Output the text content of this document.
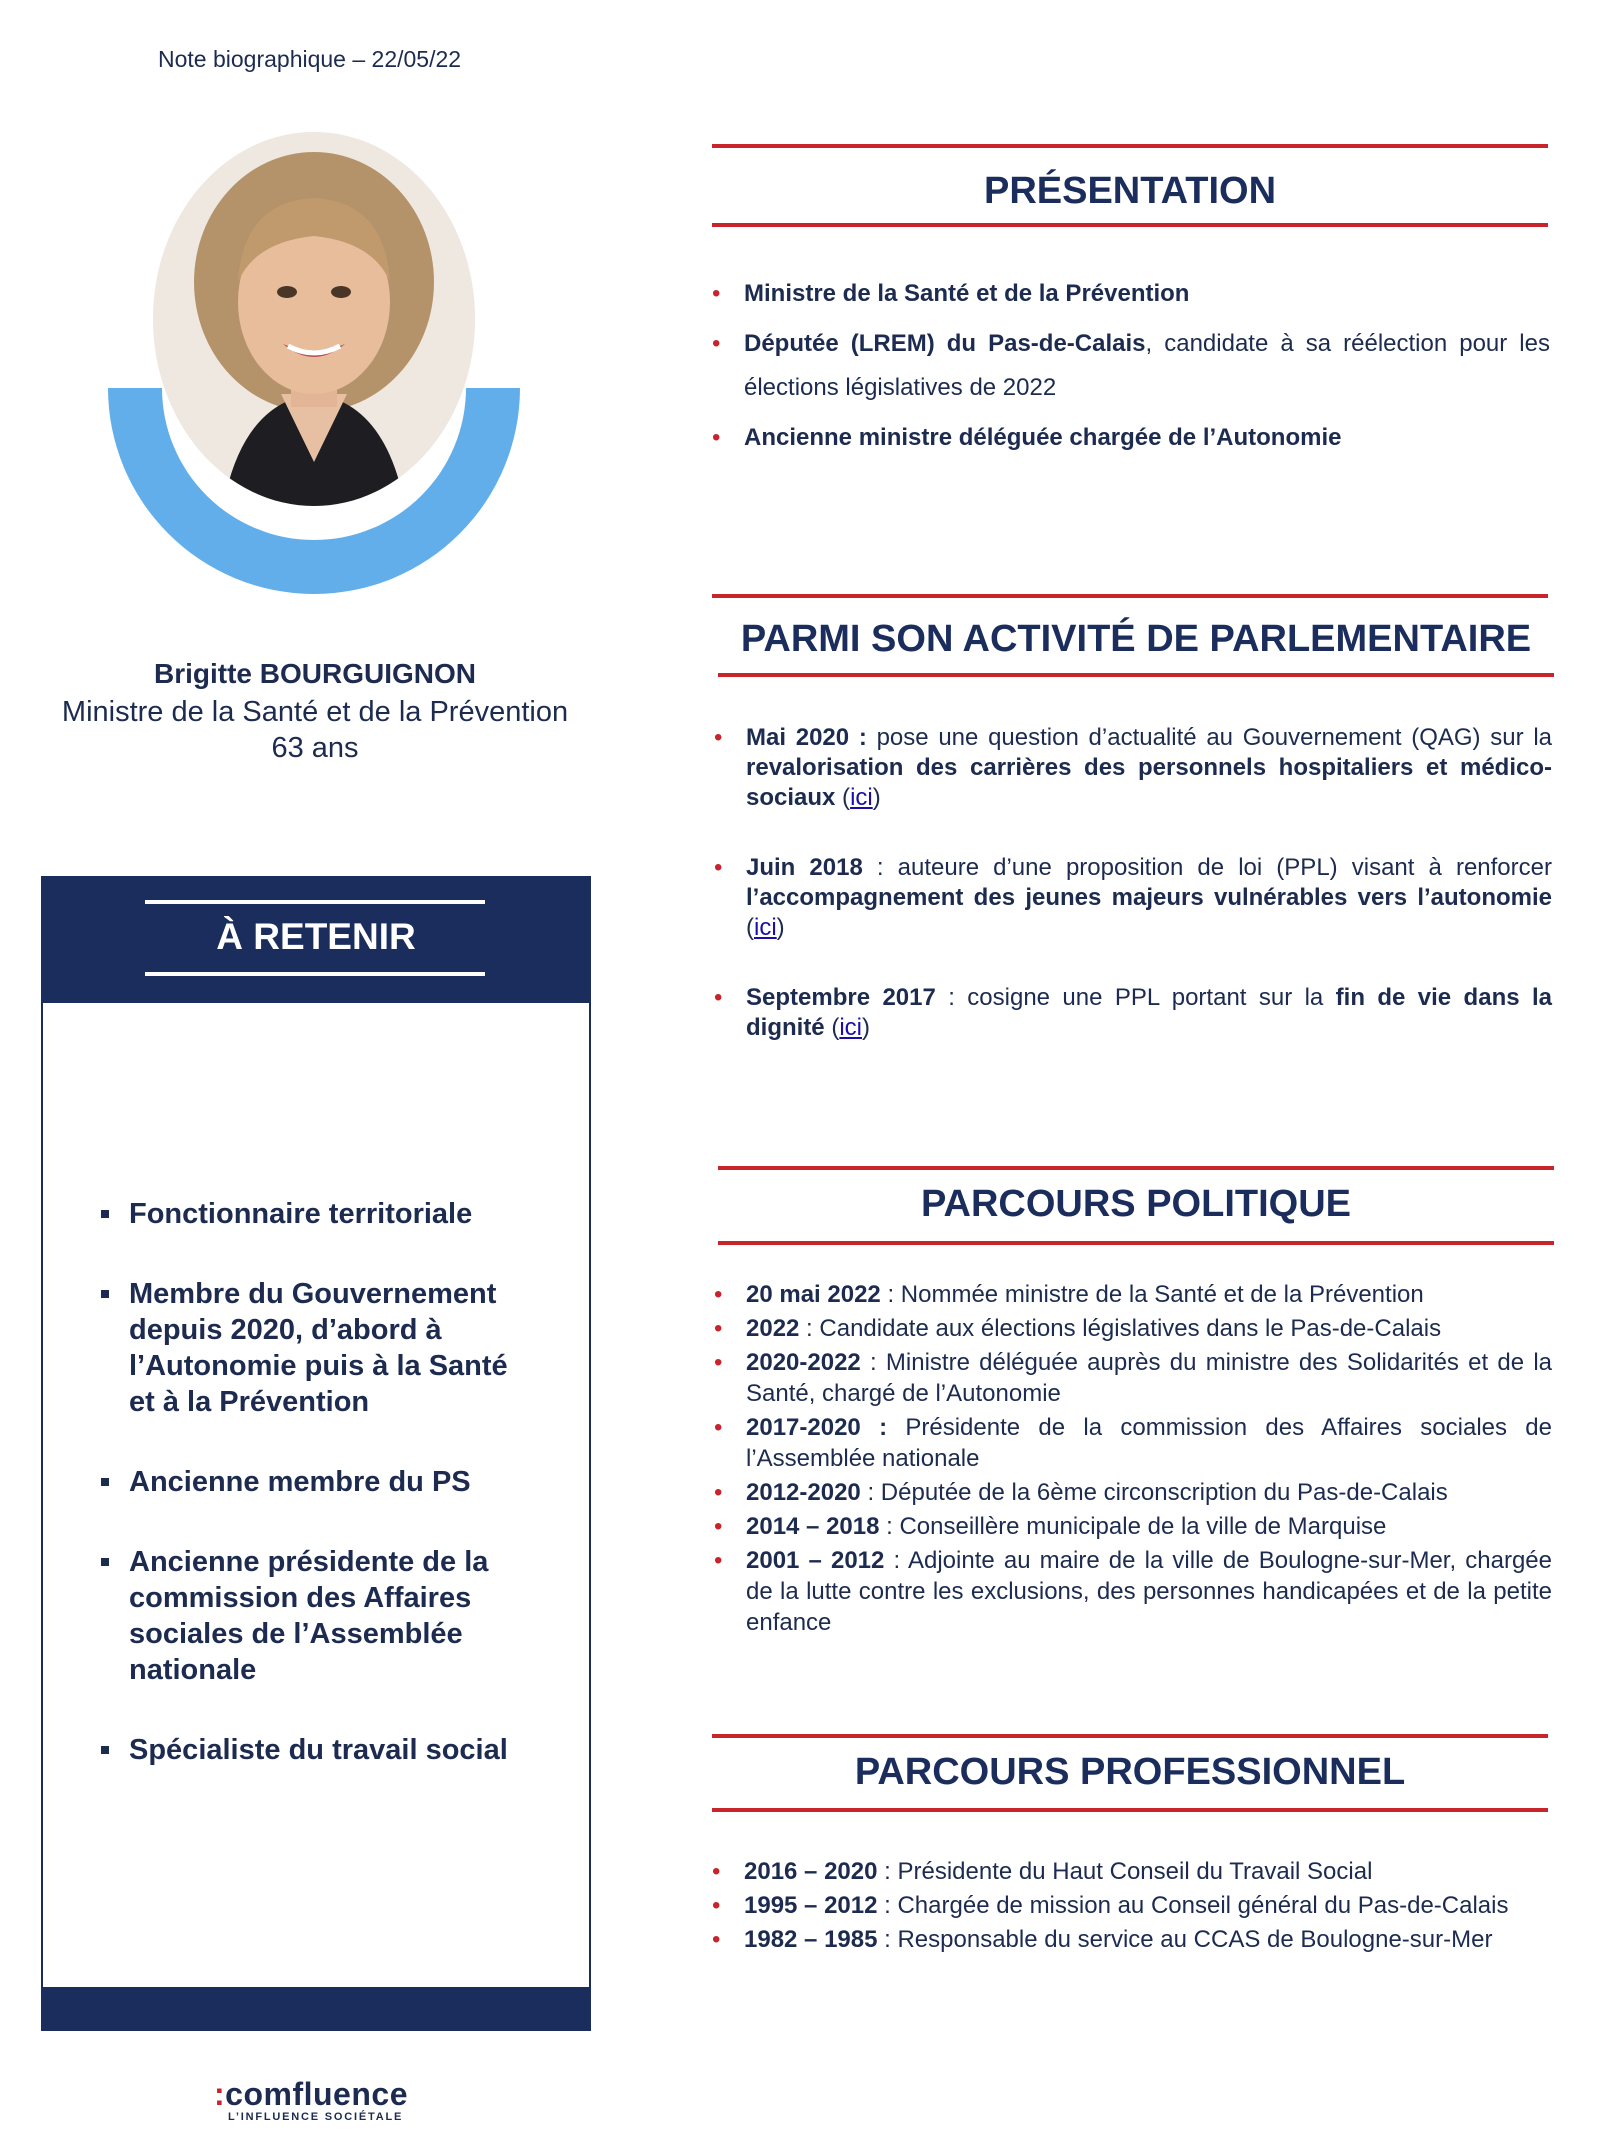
Note biographique – 22/05/22
Brigitte BOURGUIGNON
Ministre de la Santé et de la Prévention
63 ans
À RETENIR
Fonctionnaire territoriale
Membre du Gouvernement depuis 2020, d’abord à l’Autonomie puis à la Santé et à la Prévention
Ancienne membre du PS
Ancienne présidente de la commission des Affaires sociales de l’Assemblée nationale
Spécialiste du travail social
PRÉSENTATION
• Ministre de la Santé et de la Prévention
• Députée (LREM) du Pas-de-Calais, candidate à sa réélection pour les élections législatives de 2022
• Ancienne ministre déléguée chargée de l’Autonomie
PARMI SON ACTIVITÉ DE PARLEMENTAIRE
• Mai 2020 : pose une question d’actualité au Gouvernement (QAG) sur la revalorisation des carrières des personnels hospitaliers et médico-sociaux (ici)
• Juin 2018 : auteure d’une proposition de loi (PPL) visant à renforcer l’accompagnement des jeunes majeurs vulnérables vers l’autonomie (ici)
• Septembre 2017 : cosigne une PPL portant sur la fin de vie dans la dignité (ici)
PARCOURS POLITIQUE
• 20 mai 2022 : Nommée ministre de la Santé et de la Prévention
• 2022 : Candidate aux élections législatives dans le Pas-de-Calais
• 2020-2022 : Ministre déléguée auprès du ministre des Solidarités et de la Santé, chargé de l’Autonomie
• 2017-2020 : Présidente de la commission des Affaires sociales de l’Assemblée nationale
• 2012-2020 : Députée de la 6ème circonscription du Pas-de-Calais
• 2014 – 2018 : Conseillère municipale de la ville de Marquise
• 2001 – 2012 : Adjointe au maire de la ville de Boulogne-sur-Mer, chargée de la lutte contre les exclusions, des personnes handicapées et de la petite enfance
PARCOURS PROFESSIONNEL
• 2016 – 2020 : Présidente du Haut Conseil du Travail Social
• 1995 – 2012 : Chargée de mission au Conseil général du Pas-de-Calais
• 1982 – 1985 : Responsable du service au CCAS de Boulogne-sur-Mer
:comfluence
L’INFLUENCE SOCIÉTALE
